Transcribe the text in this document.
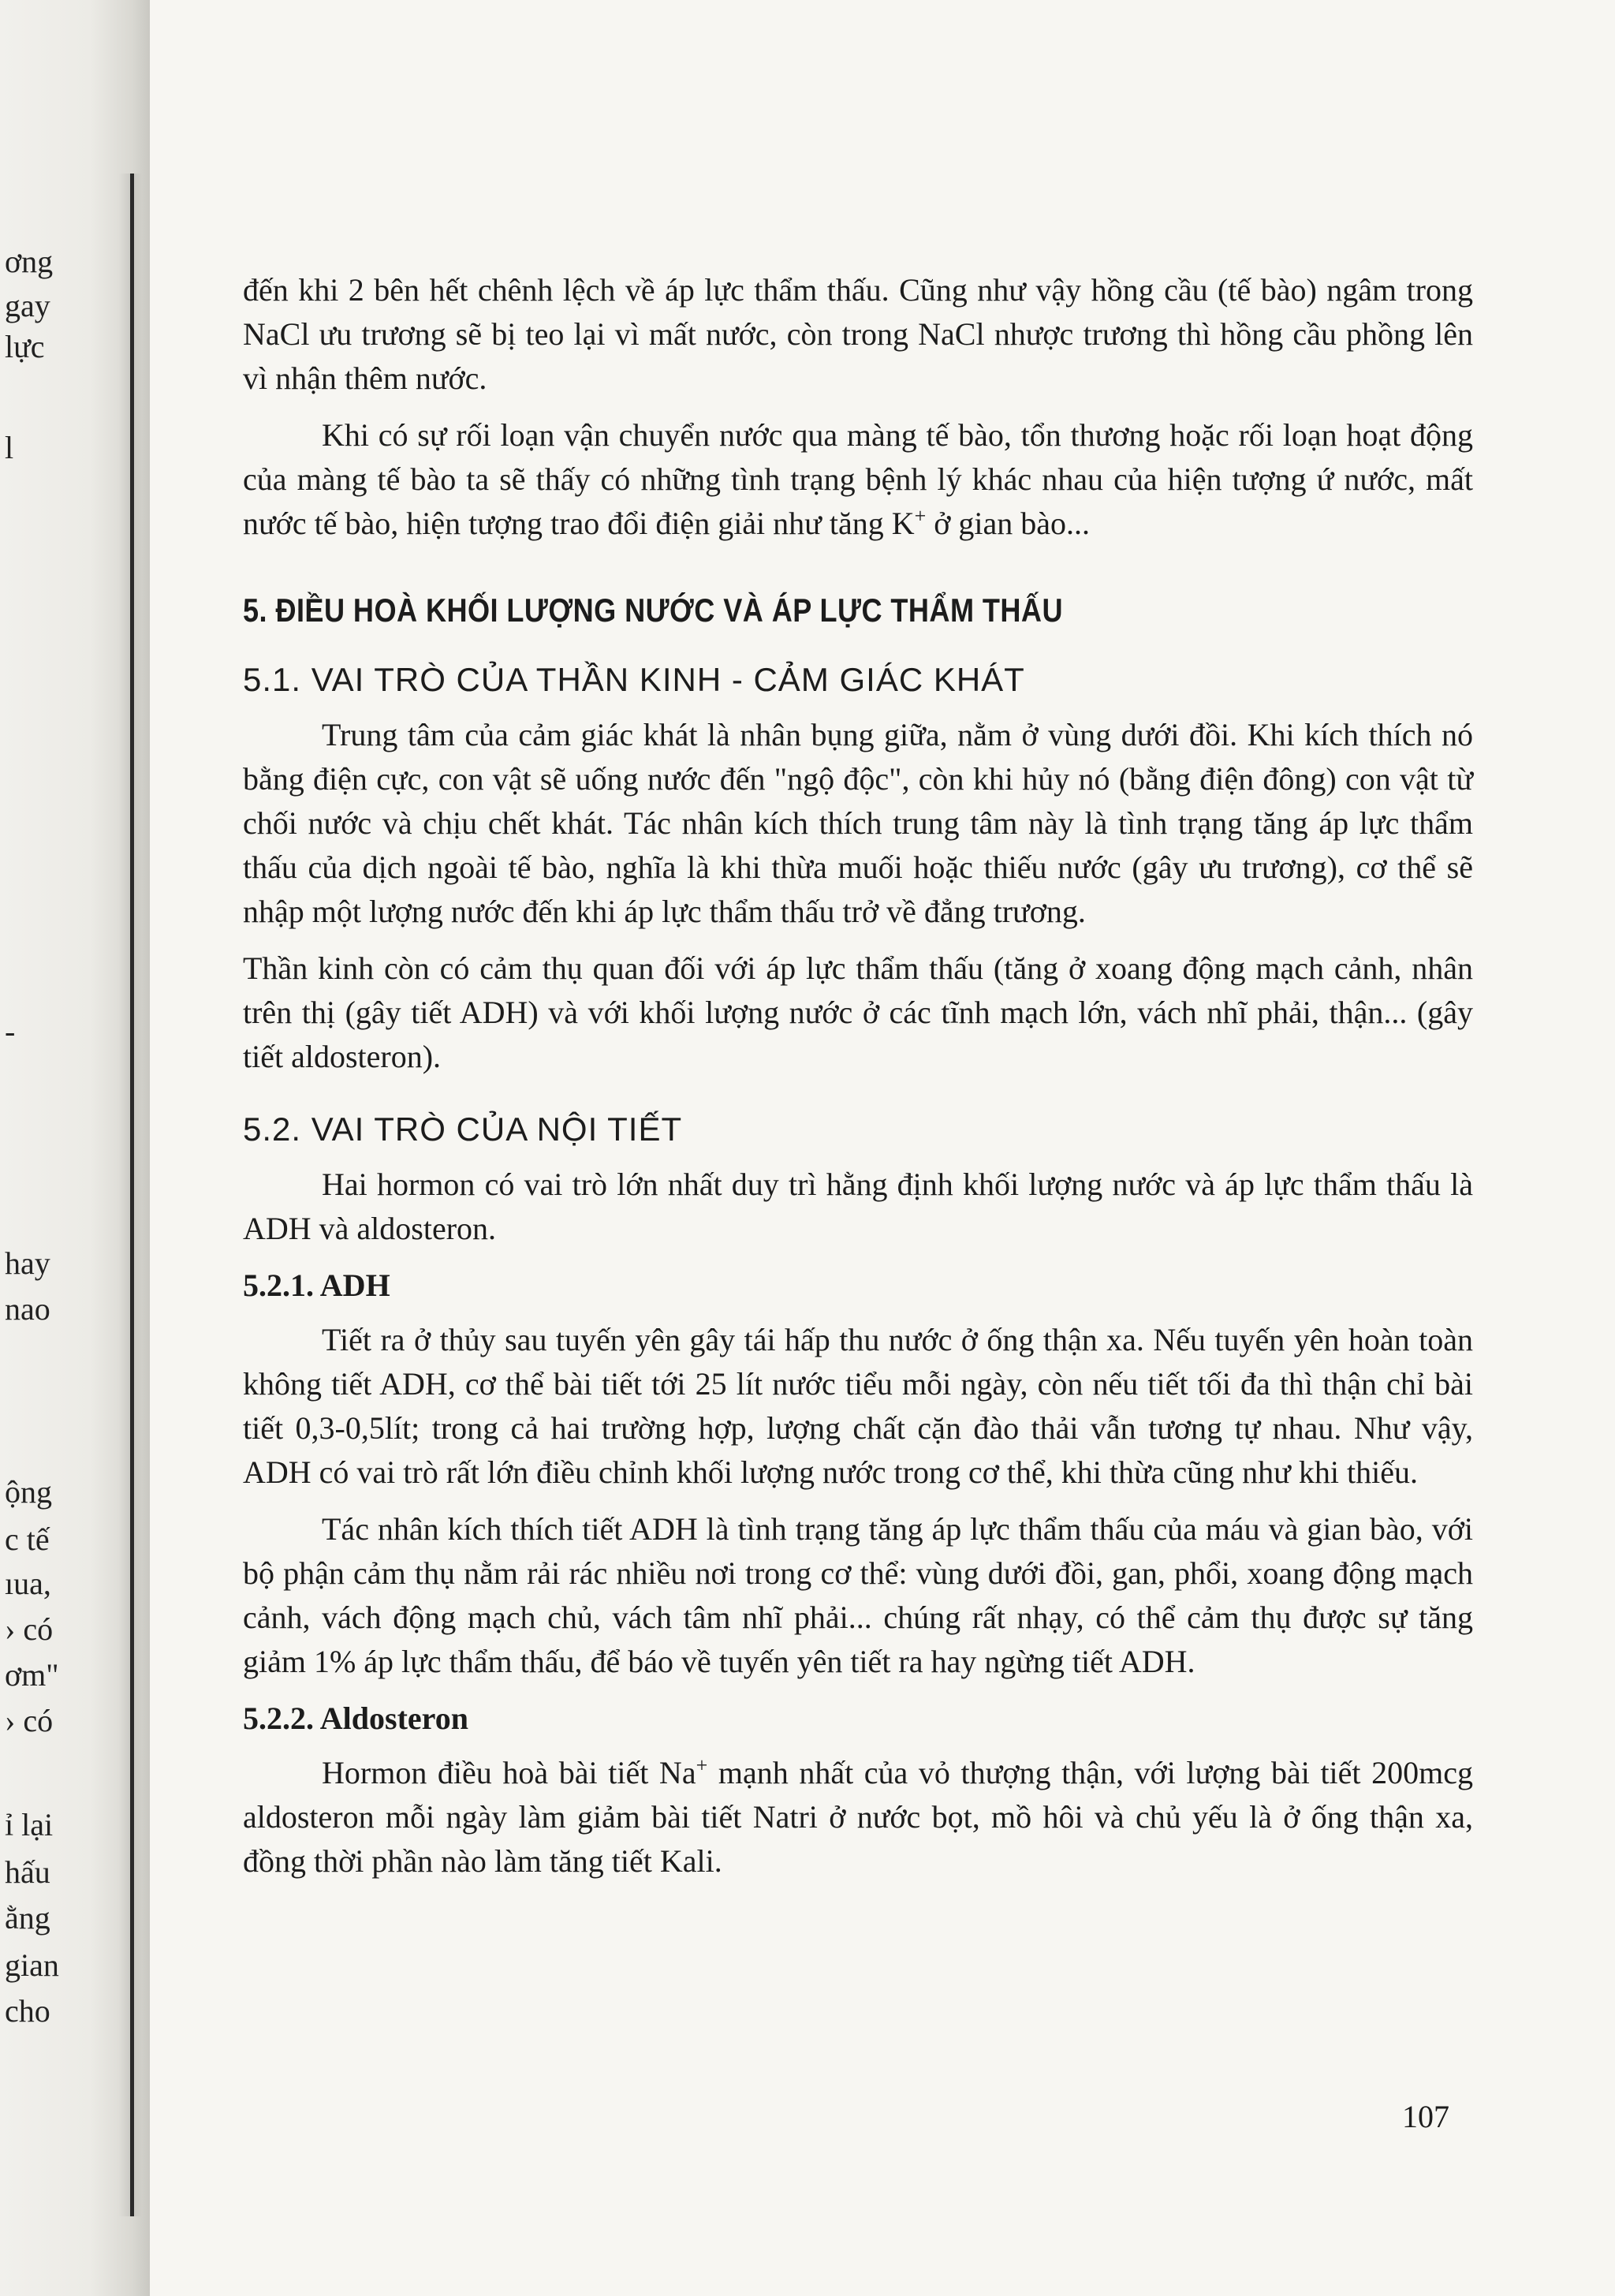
ơng
gay
lực
l
-
hay
nao
ộng
c tế
ıua,
› có
ơm"
› có
ỉ lại
hấu
ằng
gian
cho

đến khi 2 bên hết chênh lệch về áp lực thẩm thấu. Cũng như vậy hồng cầu (tế bào) ngâm trong NaCl ưu trương sẽ bị teo lại vì mất nước, còn trong NaCl nhược trương thì hồng cầu phồng lên vì nhận thêm nước.

Khi có sự rối loạn vận chuyển nước qua màng tế bào, tổn thương hoặc rối loạn hoạt động của màng tế bào ta sẽ thấy có những tình trạng bệnh lý khác nhau của hiện tượng ứ nước, mất nước tế bào, hiện tượng trao đổi điện giải như tăng K+ ở gian bào...

5. ĐIỀU HOÀ KHỐI LƯỢNG NƯỚC VÀ ÁP LỰC THẨM THẤU
5.1. VAI TRÒ CỦA THẦN KINH - CẢM GIÁC KHÁT

Trung tâm của cảm giác khát là nhân bụng giữa, nằm ở vùng dưới đồi. Khi kích thích nó bằng điện cực, con vật sẽ uống nước đến "ngộ độc", còn khi hủy nó (bằng điện đông) con vật từ chối nước và chịu chết khát. Tác nhân kích thích trung tâm này là tình trạng tăng áp lực thẩm thấu của dịch ngoài tế bào, nghĩa là khi thừa muối hoặc thiếu nước (gây ưu trương), cơ thể sẽ nhập một lượng nước đến khi áp lực thẩm thấu trở về đẳng trương.

Thần kinh còn có cảm thụ quan đối với áp lực thẩm thấu (tăng ở xoang động mạch cảnh, nhân trên thị (gây tiết ADH) và với khối lượng nước ở các tĩnh mạch lớn, vách nhĩ phải, thận... (gây tiết aldosteron).

5.2. VAI TRÒ CỦA NỘI TIẾT

Hai hormon có vai trò lớn nhất duy trì hằng định khối lượng nước và áp lực thẩm thấu là ADH và aldosteron.

5.2.1. ADH

Tiết ra ở thủy sau tuyến yên gây tái hấp thu nước ở ống thận xa. Nếu tuyến yên hoàn toàn không tiết ADH, cơ thể bài tiết tới 25 lít nước tiểu mỗi ngày, còn nếu tiết tối đa thì thận chỉ bài tiết 0,3-0,5lít; trong cả hai trường hợp, lượng chất cặn đào thải vẫn tương tự nhau. Như vậy, ADH có vai trò rất lớn điều chỉnh khối lượng nước trong cơ thể, khi thừa cũng như khi thiếu.

Tác nhân kích thích tiết ADH là tình trạng tăng áp lực thẩm thấu của máu và gian bào, với bộ phận cảm thụ nằm rải rác nhiều nơi trong cơ thể: vùng dưới đồi, gan, phổi, xoang động mạch cảnh, vách động mạch chủ, vách tâm nhĩ phải... chúng rất nhạy, có thể cảm thụ được sự tăng giảm 1% áp lực thẩm thấu, để báo về tuyến yên tiết ra hay ngừng tiết ADH.

5.2.2. Aldosteron

Hormon điều hoà bài tiết Na+ mạnh nhất của vỏ thượng thận, với lượng bài tiết 200mcg aldosteron mỗi ngày làm giảm bài tiết Natri ở nước bọt, mồ hôi và chủ yếu là ở ống thận xa, đồng thời phần nào làm tăng tiết Kali.

107
